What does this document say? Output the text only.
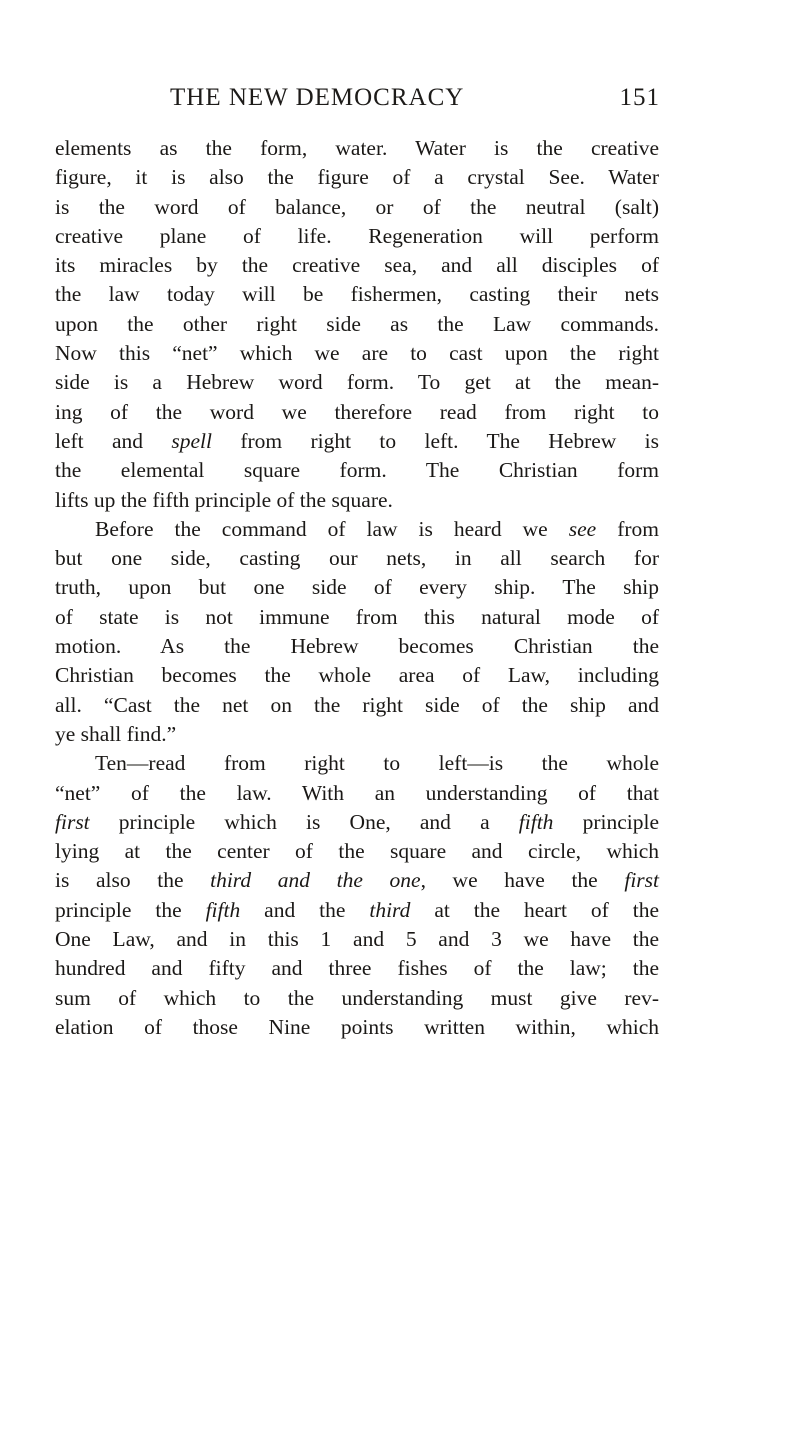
THE NEW DEMOCRACY	151
elements as the form, water. Water is the creative
figure, it is also the figure of a crystal See. Water
is the word of balance, or of the neutral (salt)
creative plane of life. Regeneration will perform
its miracles by the creative sea, and all disciples of
the law today will be fishermen, casting their nets
upon the other right side as the Law commands.
Now this “net” which we are to cast upon the right
side is a Hebrew word form. To get at the mean-
ing of the word we therefore read from right to
left and spell from right to left. The Hebrew is
the elemental square form. The Christian form
lifts up the fifth principle of the square.
Before the command of law is heard we see from
but one side, casting our nets, in all search for
truth, upon but one side of every ship. The ship
of state is not immune from this natural mode of
motion. As the Hebrew becomes Christian the
Christian becomes the whole area of Law, including
all. “Cast the net on the right side of the ship and
ye shall find.”
Ten—read from right to left—is the whole
“net” of the law. With an understanding of that
first principle which is One, and a fifth principle
lying at the center of the square and circle, which
is also the third and the one, we have the first
principle the fifth and the third at the heart of the
One Law, and in this 1 and 5 and 3 we have the
hundred and fifty and three fishes of the law; the
sum of which to the understanding must give rev-
elation of those Nine points written within, which
